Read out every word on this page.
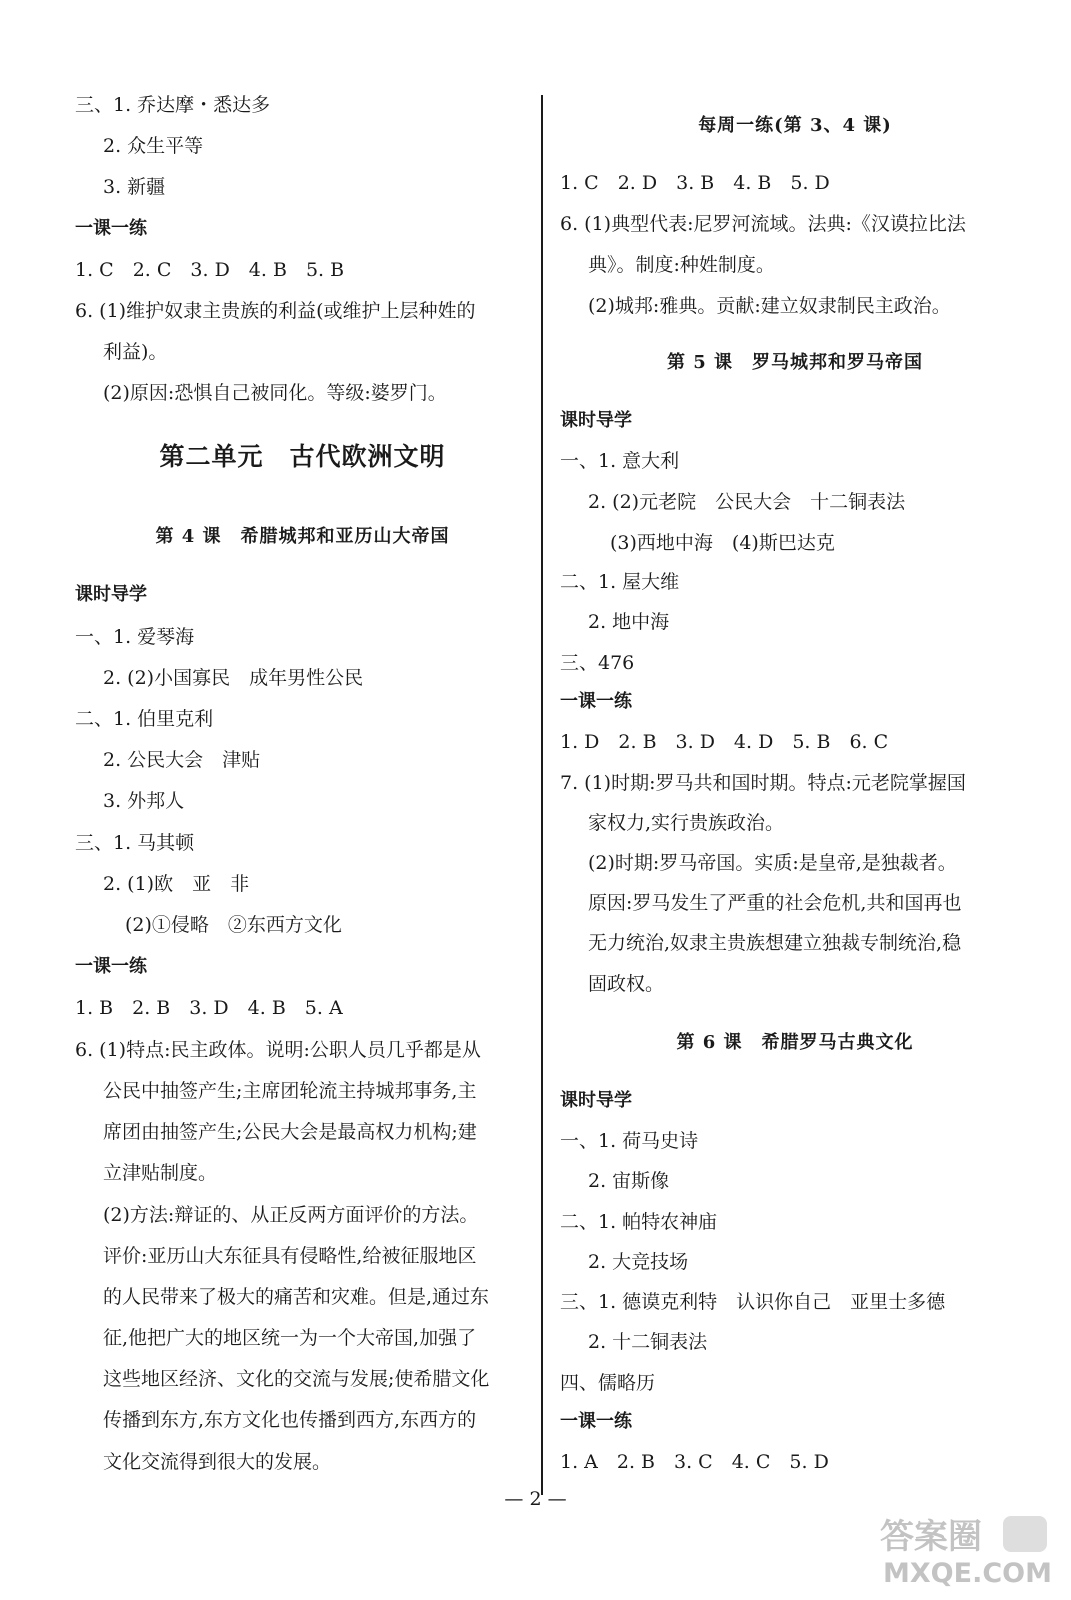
三、1. 乔达摩・悉达多
2. 众生平等
3. 新疆
一课一练
1. C　2. C　3. D　4. B　5. B
6. (1)维护奴隶主贵族的利益(或维护上层种姓的
利益)。
(2)原因:恐惧自己被同化。等级:婆罗门。
第二单元　古代欧洲文明
第 4 课　希腊城邦和亚历山大帝国
课时导学
一、1. 爱琴海
2. (2)小国寡民　成年男性公民
二、1. 伯里克利
2. 公民大会　津贴
3. 外邦人
三、1. 马其顿
2. (1)欧　亚　非
(2)①侵略　②东西方文化
一课一练
1. B　2. B　3. D　4. B　5. A
6. (1)特点:民主政体。说明:公职人员几乎都是从
公民中抽签产生;主席团轮流主持城邦事务,主
席团由抽签产生;公民大会是最高权力机构;建
立津贴制度。
(2)方法:辩证的、从正反两方面评价的方法。
评价:亚历山大东征具有侵略性,给被征服地区
的人民带来了极大的痛苦和灾难。但是,通过东
征,他把广大的地区统一为一个大帝国,加强了
这些地区经济、文化的交流与发展;使希腊文化
传播到东方,东方文化也传播到西方,东西方的
文化交流得到很大的发展。
每周一练(第 3、4 课)
1. C　2. D　3. B　4. B　5. D
6. (1)典型代表:尼罗河流域。法典:《汉谟拉比法
典》。制度:种姓制度。
(2)城邦:雅典。贡献:建立奴隶制民主政治。
第 5 课　罗马城邦和罗马帝国
课时导学
一、1. 意大利
2. (2)元老院　公民大会　十二铜表法
(3)西地中海　(4)斯巴达克
二、1. 屋大维
2. 地中海
三、476
一课一练
1. D　2. B　3. D　4. D　5. B　6. C
7. (1)时期:罗马共和国时期。特点:元老院掌握国
家权力,实行贵族政治。
(2)时期:罗马帝国。实质:是皇帝,是独裁者。
原因:罗马发生了严重的社会危机,共和国再也
无力统治,奴隶主贵族想建立独裁专制统治,稳
固政权。
第 6 课　希腊罗马古典文化
课时导学
一、1. 荷马史诗
2. 宙斯像
二、1. 帕特农神庙
2. 大竞技场
三、1. 德谟克利特　认识你自己　亚里士多德
2. 十二铜表法
四、儒略历
一课一练
1. A　2. B　3. C　4. C　5. D
— 2 —
答案圈
MXQE.COM
